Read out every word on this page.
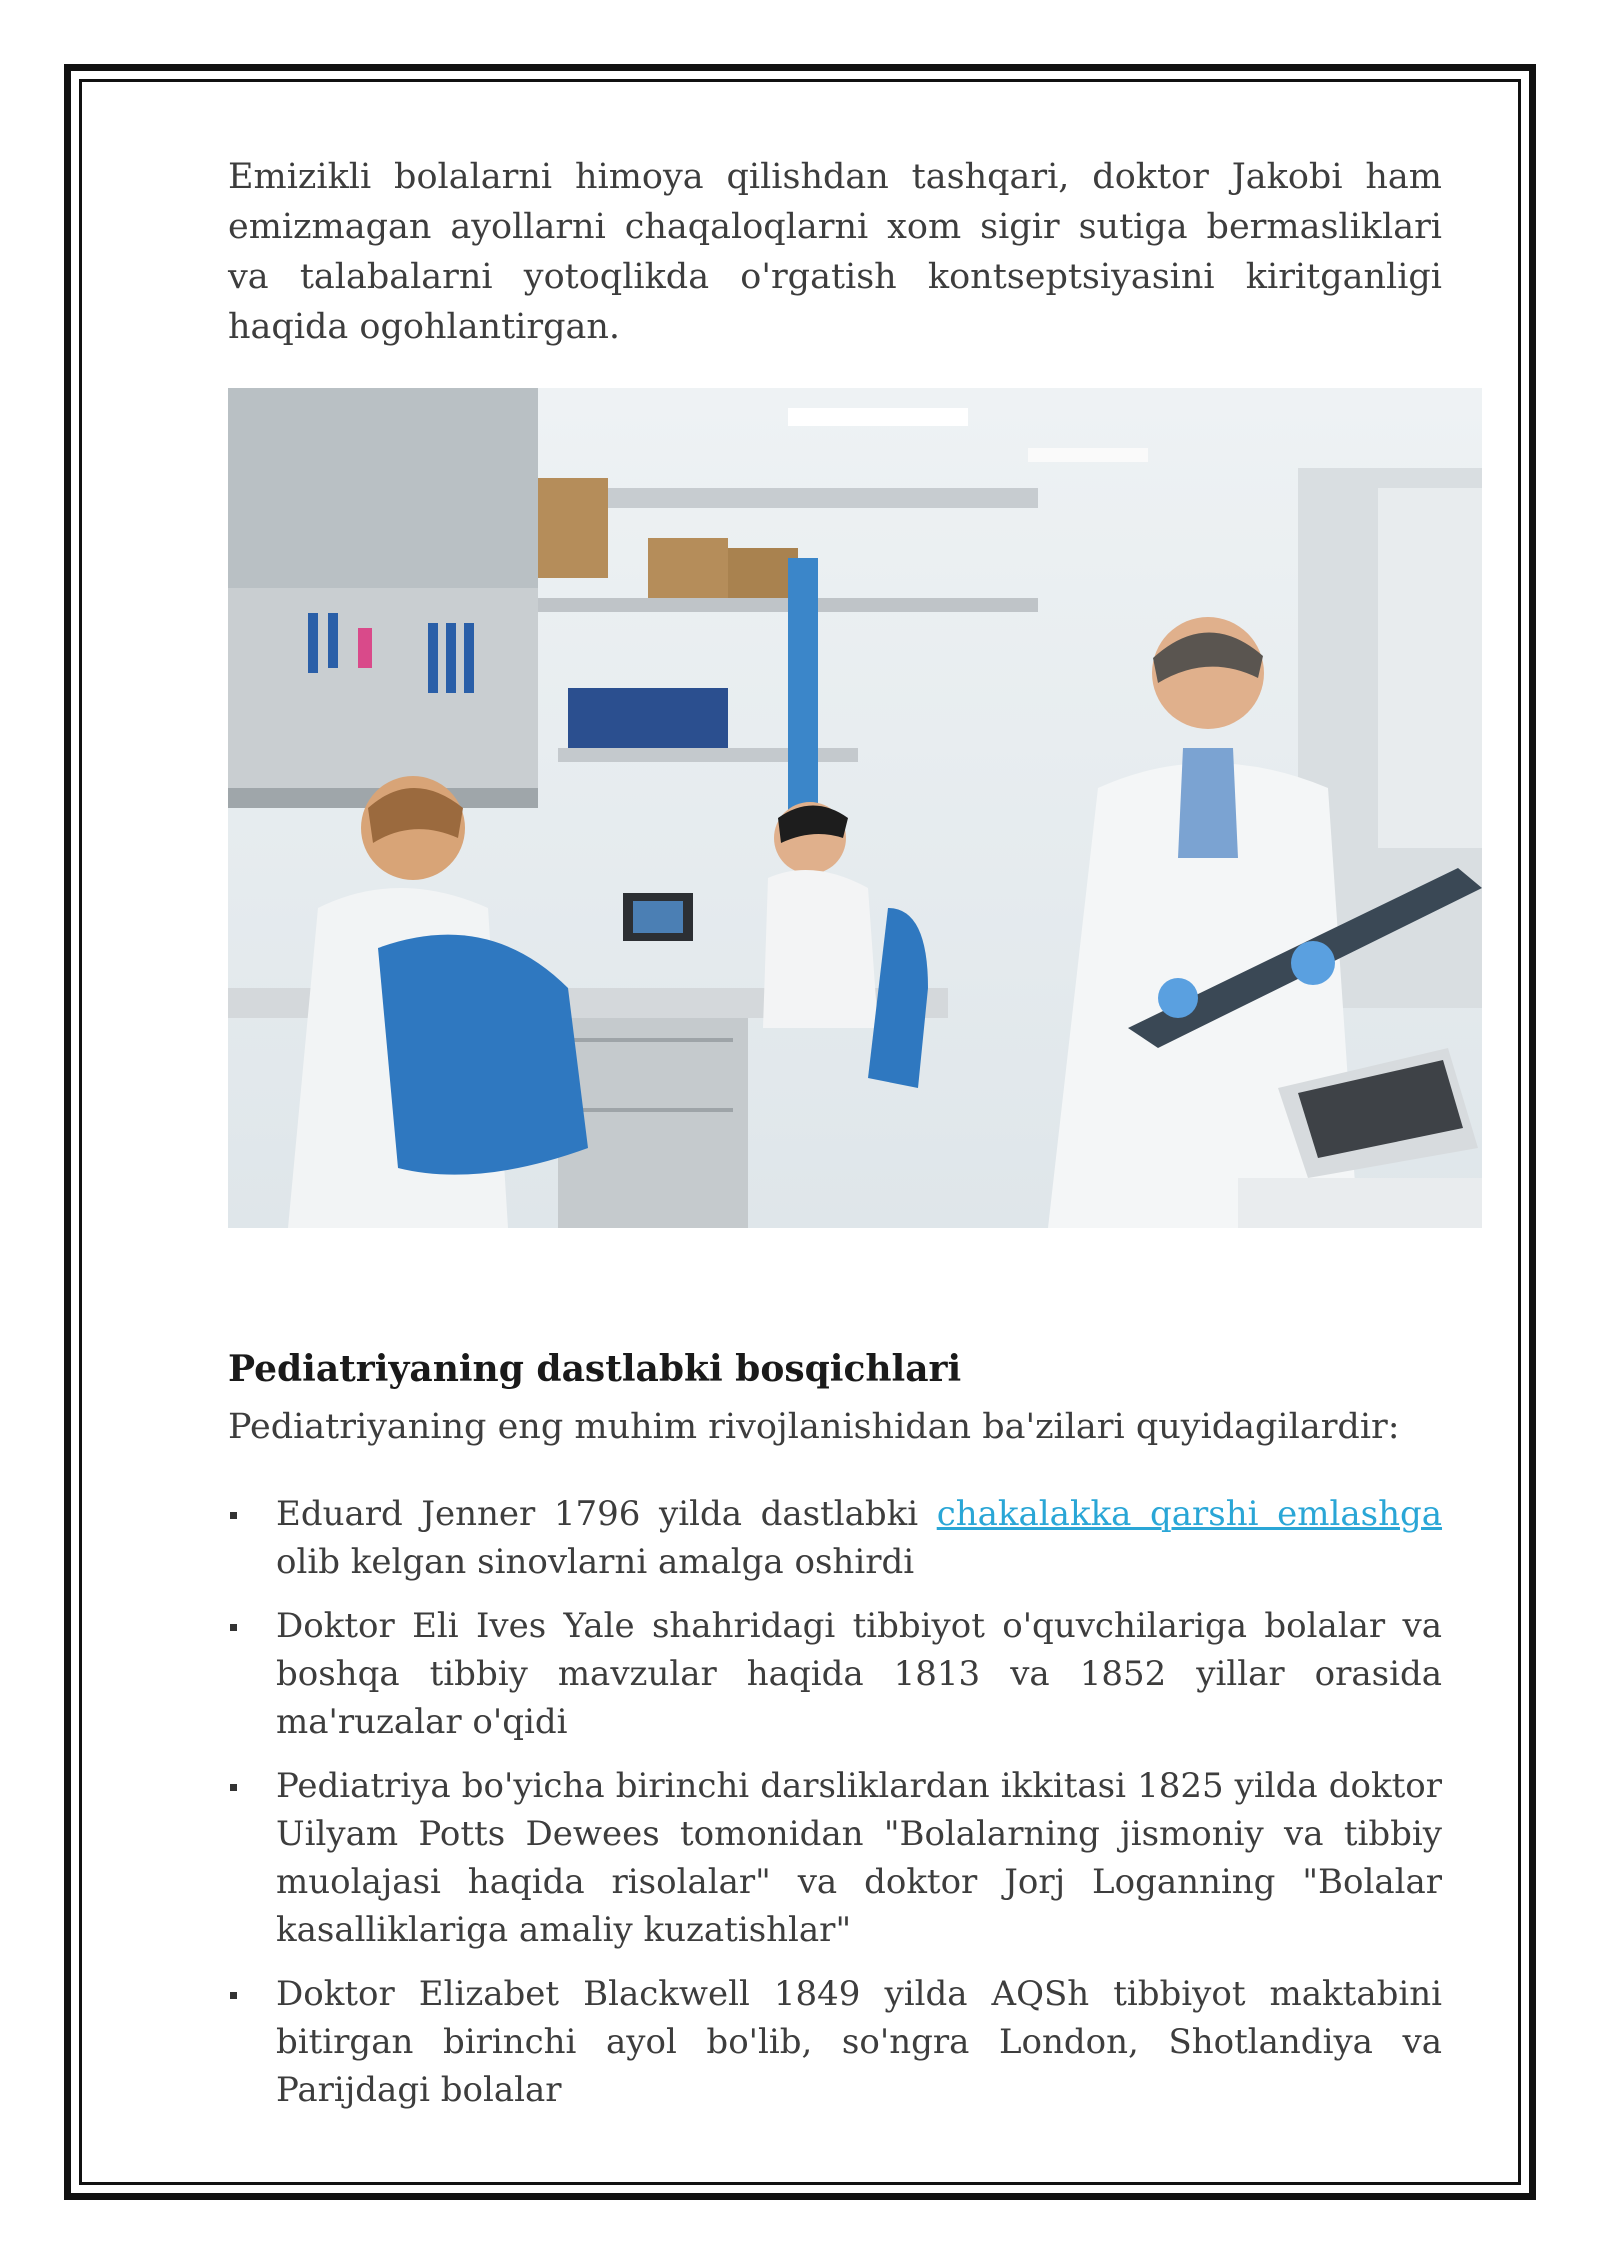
Emizikli bolalarni himoya qilishdan tashqari, doktor Jakobi ham emizmagan ayollarni chaqaloqlarni xom sigir sutiga bermasliklari va talabalarni yotoqlikda o'rgatish kontseptsiyasini kiritganligi haqida ogohlantirgan.

Pediatriyaning dastlabki bosqichlari

Pediatriyaning eng muhim rivojlanishidan ba'zilari quyidagilardir:

Eduard Jenner 1796 yilda dastlabki chakalakka qarshi emlashga olib kelgan sinovlarni amalga oshirdi
Doktor Eli Ives Yale shahridagi tibbiyot o'quvchilariga bolalar va boshqa tibbiy mavzular haqida 1813 va 1852 yillar orasida ma'ruzalar o'qidi
Pediatriya bo'yicha birinchi darsliklardan ikkitasi 1825 yilda doktor Uilyam Potts Dewees tomonidan "Bolalarning jismoniy va tibbiy muolajasi haqida risolalar" va doktor Jorj Loganning "Bolalar kasalliklariga amaliy kuzatishlar"
Doktor Elizabet Blackwell 1849 yilda AQSh tibbiyot maktabini bitirgan birinchi ayol bo'lib, so'ngra London, Shotlandiya va Parijdagi bolalar
